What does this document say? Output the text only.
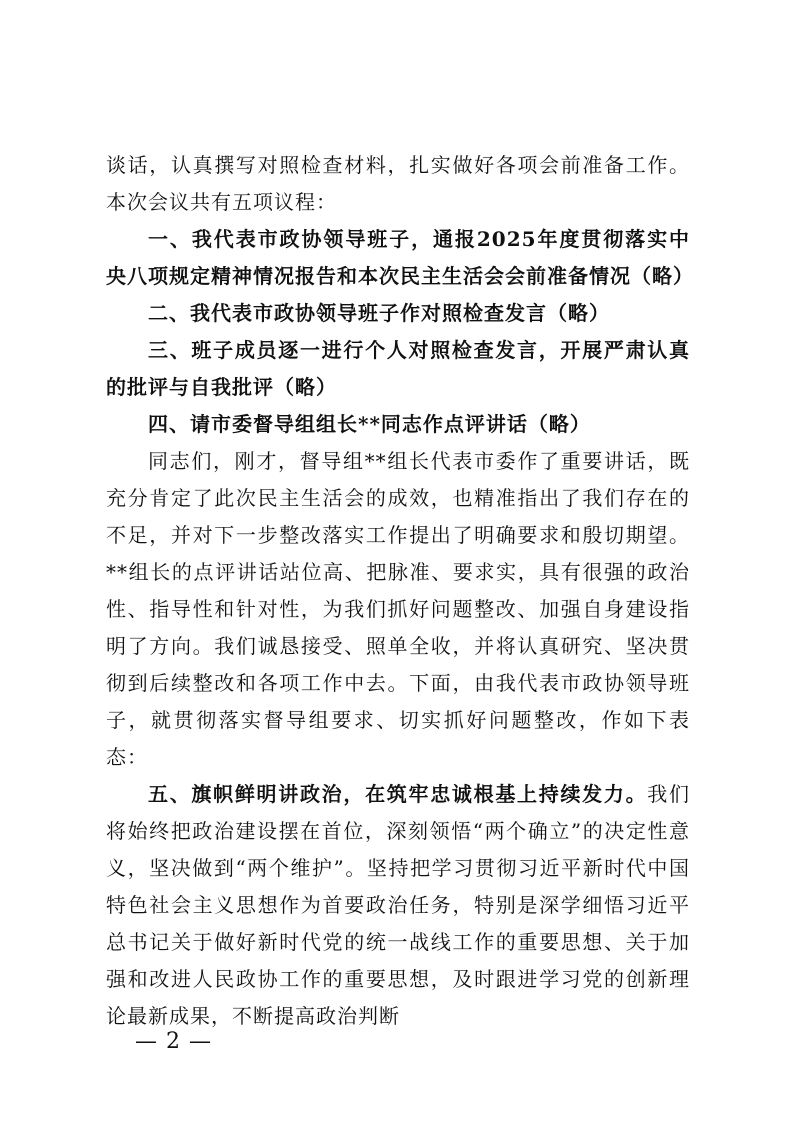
谈话，认真撰写对照检查材料，扎实做好各项会前准备工作。本次会议共有五项议程：

一、我代表市政协领导班子，通报2025年度贯彻落实中央八项规定精神情况报告和本次民主生活会会前准备情况（略）

二、我代表市政协领导班子作对照检查发言（略）

三、班子成员逐一进行个人对照检查发言，开展严肃认真的批评与自我批评（略）

四、请市委督导组组长**同志作点评讲话（略）

同志们，刚才，督导组**组长代表市委作了重要讲话，既充分肯定了此次民主生活会的成效，也精准指出了我们存在的不足，并对下一步整改落实工作提出了明确要求和殷切期望。**组长的点评讲话站位高、把脉准、要求实，具有很强的政治性、指导性和针对性，为我们抓好问题整改、加强自身建设指明了方向。我们诚恳接受、照单全收，并将认真研究、坚决贯彻到后续整改和各项工作中去。下面，由我代表市政协领导班子，就贯彻落实督导组要求、切实抓好问题整改，作如下表态：

五、旗帜鲜明讲政治，在筑牢忠诚根基上持续发力。我们将始终把政治建设摆在首位，深刻领悟“两个确立”的决定性意义，坚决做到“两个维护”。坚持把学习贯彻习近平新时代中国特色社会主义思想作为首要政治任务，特别是深学细悟习近平总书记关于做好新时代党的统一战线工作的重要思想、关于加强和改进人民政协工作的重要思想，及时跟进学习党的创新理论最新成果，不断提高政治判断

— 2 —
